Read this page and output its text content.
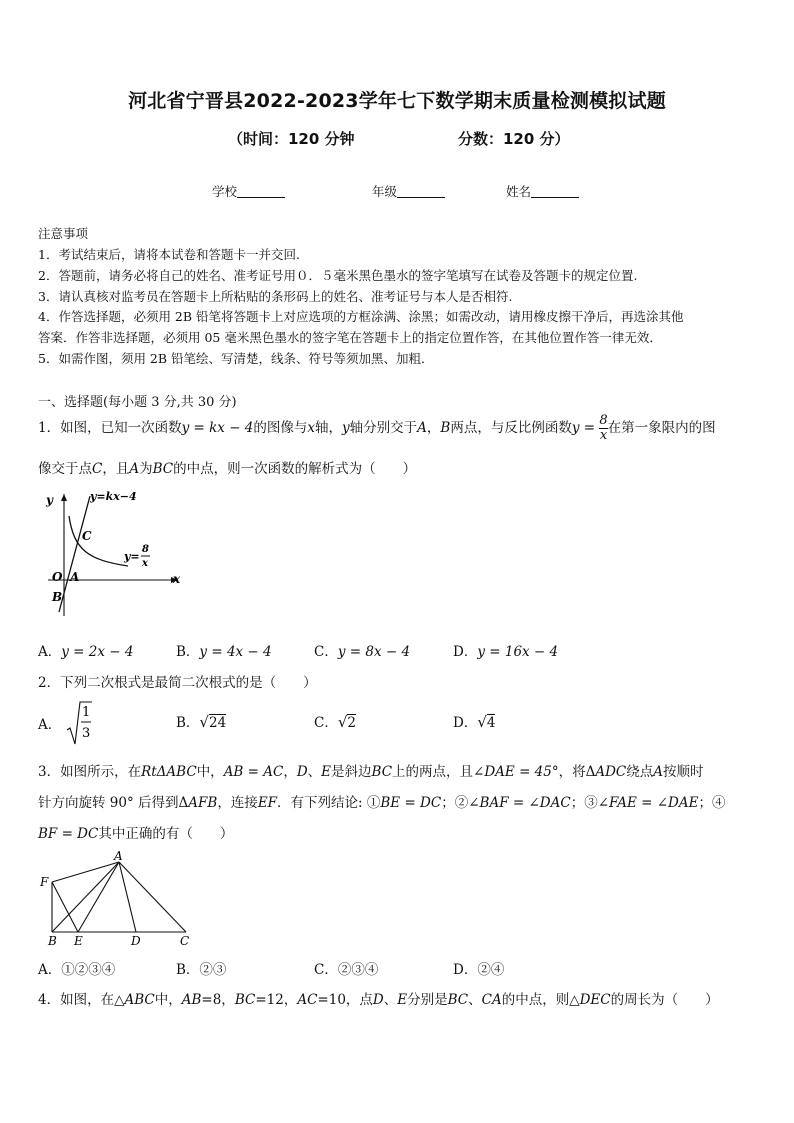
河北省宁晋县2022-2023学年七下数学期末质量检测模拟试题
（时间：120 分钟	分数：120 分）
学校	年级	姓名
注意事项
1．考试结束后，请将本试卷和答题卡一并交回.
2．答题前，请务必将自己的姓名、准考证号用０．５毫米黑色墨水的签字笔填写在试卷及答题卡的规定位置.
3．请认真核对监考员在答题卡上所粘贴的条形码上的姓名、准考证号与本人是否相符.
4．作答选择题，必须用 2B 铅笔将答题卡上对应选项的方框涂满、涂黑；如需改动，请用橡皮擦干净后，再选涂其他
答案．作答非选择题，必须用 05 毫米黑色墨水的签字笔在答题卡上的指定位置作答，在其他位置作答一律无效．
5．如需作图，须用 2B 铅笔绘、写清楚，线条、符号等须加黑、加粗．
一、选择题(每小题 3 分,共 30 分)
1．如图，已知一次函数y = kx − 4的图像与x轴，y轴分别交于A，B两点，与反比例函数$y = \frac{8}{x}$ 在第一象限内的图
像交于点C，且A为BC的中点，则一次函数的解析式为（　　）
y
x
O A
B
C
y=kx−4
y=
8
x
A．y = 2x − 4	B．y = 4x − 4	C．y = 8x − 4	D．y = 16x − 4
2．下列二次根式是最简二次根式的是（　　）
A．
1
3
B．√24	C．√2	D．√4
3．如图所示，在RtΔABC中，AB = AC，D、E是斜边BC上的两点，且∠DAE = 45°，将ΔADC绕点A按顺时
针方向旋转 90° 后得到ΔAFB，连接EF．有下列结论: ①BE = DC；②∠BAF = ∠DAC；③∠FAE = ∠DAE；④
BF = DC其中正确的有（　　）
A
F
B E	D	C
A．①②③④	B．②③	C．②③④	D．②④
4．如图，在△ABC中，AB=8，BC=12，AC=10，点D、E分别是BC、CA的中点，则△DEC的周长为（　　）
